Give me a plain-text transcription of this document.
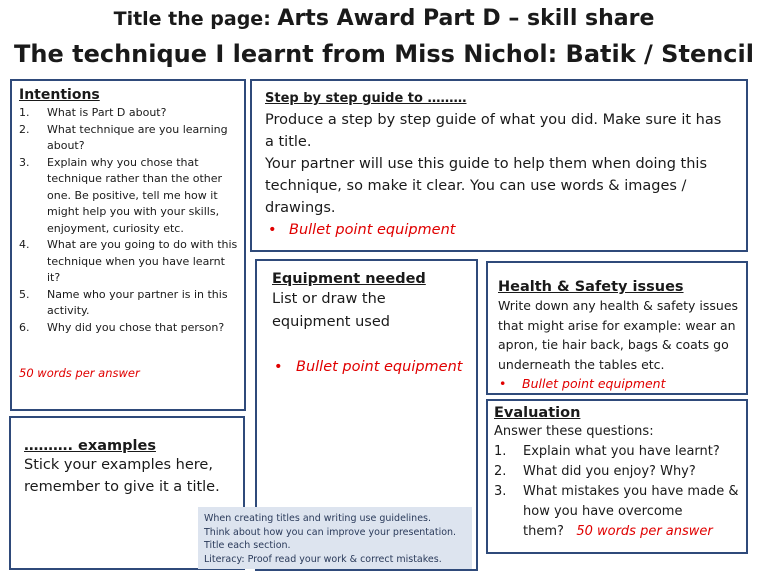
Title the page: Arts Award Part D – skill share
The technique I learnt from Miss Nichol: Batik / Stencil
Intentions
1. What is Part D about?
2. What technique are you learning about?
3. Explain why you chose that technique rather than the other one. Be positive, tell me how it might help you with your skills, enjoyment, curiosity etc.
4. What are you going to do with this technique when you have learnt it?
5. Name who your partner is in this activity.
6. Why did you chose that person?
50 words per answer
Step by step guide to ………
Produce a step by step guide of what you did. Make sure it has a title.
Your partner will use this guide to help them when doing this technique, so make it clear. You can use words & images / drawings.
• Bullet point equipment
Equipment needed
List or draw the equipment used
• Bullet point equipment
Health & Safety issues
Write down any health & safety issues that might arise for example: wear an apron, tie hair back, bags & coats go underneath the tables etc.
• Bullet point equipment
Evaluation
Answer these questions:
1. Explain what you have learnt?
2. What did you enjoy? Why?
3. What mistakes you have made & how you have overcome them? 50 words per answer
………. examples
Stick your examples here, remember to give it a title.
When creating titles and writing use guidelines.
Think about how you can improve your presentation.
Title each section.
Literacy: Proof read your work & correct mistakes.
